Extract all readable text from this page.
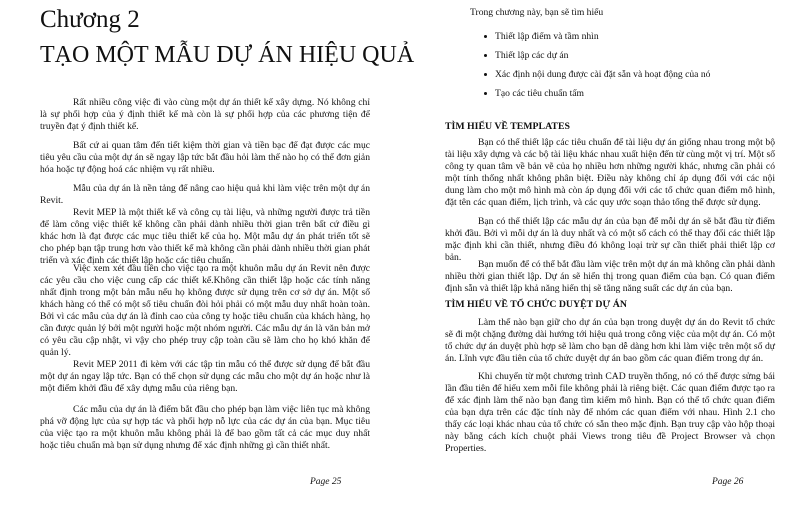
Chương 2
TẠO MỘT MẪU DỰ ÁN HIỆU QUẢ

Rất nhiều công việc đi vào cùng một dự án thiết kế xây dựng. Nó không chỉ là sự phối hợp của ý định thiết kế mà còn là sự phối hợp của các phương tiện để truyền đạt ý định thiết kế.

Bất cứ ai quan tâm đến tiết kiệm thời gian và tiền bạc để đạt được các mục tiêu yêu cầu của một dự án sẽ ngay lập tức bắt đầu hỏi làm thế nào họ có thể đơn giản hóa hoặc tự động hoá các nhiệm vụ rất nhiều.

Mẫu của dự án là nền tảng để nâng cao hiệu quả khi làm việc trên một dự án Revit.

Revit MEP là một thiết kế và công cụ tài liệu, và những người được trả tiền để làm công việc thiết kế không cần phải dành nhiều thời gian trên bất cứ điều gì khác hơn là đạt được các mục tiêu thiết kế của họ. Một mẫu dự án phát triển tốt sẽ cho phép bạn tập trung hơn vào thiết kế mà không cần phải dành nhiều thời gian phát triển và xác định các thiết lập hoặc các tiêu chuẩn.

Việc xem xét đầu tiên cho việc tạo ra một khuôn mẫu dự án Revit nên được các yêu cầu cho việc cung cấp các thiết kế.Không cần thiết lập hoặc các tính năng nhất định trong một bản mẫu nếu họ không được sử dụng trên cơ sở dự án. Một số khách hàng có thể có một số tiêu chuẩn đòi hỏi phải có một mẫu duy nhất hoàn toàn. Bởi vì các mẫu của dự án là đỉnh cao của công ty hoặc tiêu chuẩn của khách hàng, họ cần được quản lý bởi một người hoặc một nhóm người. Các mẫu dự án là văn bản mở có yêu cầu cập nhật, vì vậy cho phép truy cập toàn cầu sẽ làm cho họ khó khăn để quản lý.

Revit MEP 2011 đi kèm với các tập tin mẫu có thể được sử dụng để bắt đầu một dự án ngay lập tức. Bạn có thể chọn sử dụng các mẫu cho một dự án hoặc như là một điểm khởi đầu để xây dựng mẫu của riêng bạn.

Các mẫu của dự án là điểm bắt đầu cho phép bạn làm việc liên tục mà không phá vỡ động lực của sự hợp tác và phối hợp nỗ lực của các dự án của bạn. Mục tiêu của việc tạo ra một khuôn mẫu không phải là để bao gồm tất cả các mục duy nhất hoặc tiêu chuẩn mà bạn sử dụng nhưng để xác định những gì cần thiết nhất.

Page 25
Trong chương này, bạn sẽ tìm hiểu
Thiết lập điểm và tầm nhìn
Thiết lập các dự án
Xác định nội dung được cài đặt sẵn và hoạt động của nó
Tạo các tiêu chuẩn tấm
TÌM HIỂU VỀ TEMPLATES

Bạn có thể thiết lập các tiêu chuẩn để tài liệu dự án giống nhau trong một bộ tài liệu xây dựng và các bộ tài liệu khác nhau xuất hiện đến từ cùng một vị trí. Một số công ty quan tâm về bản vẽ của họ nhiều hơn những người khác, nhưng cần phải có một tính thống nhất không phân biệt. Điều này không chỉ áp dụng đối với các nội dung làm cho một mô hình mà còn áp dụng đối với các tổ chức quan điểm mô hình, đặt tên các quan điểm, lịch trình, và các quy ước soạn thảo tổng thể được sử dụng.

Bạn có thể thiết lập các mẫu dự án của bạn để mỗi dự án sẽ bắt đầu từ điểm khởi đầu. Bởi vì mỗi dự án là duy nhất và có một số cách có thể thay đổi các thiết lập mặc định khi cần thiết, nhưng điều đó không loại trừ sự cần thiết phải thiết lập cơ bản.

Bạn muốn để có thể bắt đầu làm việc trên một dự án mà không cần phải dành nhiều thời gian thiết lập. Dự án sẽ hiển thị trong quan điểm của bạn. Có quan điểm định sẵn và thiết lập khả năng hiển thị sẽ tăng năng suất các dự án của bạn.

TÌM HIỂU VỀ TỔ CHỨC DUYỆT DỰ ÁN

Làm thế nào bạn giữ cho dự án của bạn trong duyệt dự án do Revit tổ chức sẽ đi một chặng đường dài hướng tới hiệu quả trong công việc của một dự án. Có một tổ chức dự án duyệt phù hợp sẽ làm cho bạn dễ dàng hơn khi làm việc trên một số dự án. Lĩnh vực đầu tiên của tổ chức duyệt dự án bao gồm các quan điểm trong dự án.

Khi chuyển từ một chương trình CAD truyền thống, nó có thể được sửng bái lần đầu tiên để hiểu xem mỗi file không phải là riêng biệt. Các quan điểm được tạo ra để xác định làm thế nào bạn đang tìm kiếm mô hình. Bạn có thể tổ chức quan điểm của bạn dựa trên các đặc tính này để nhóm các quan điểm với nhau. Hình 2.1 cho thấy các loại khác nhau của tổ chức có sẵn theo mặc định. Bạn truy cập vào hộp thoại này bằng cách kích chuột phải Views trong tiêu đề Project Browser và chọn Properties.

Page 26
